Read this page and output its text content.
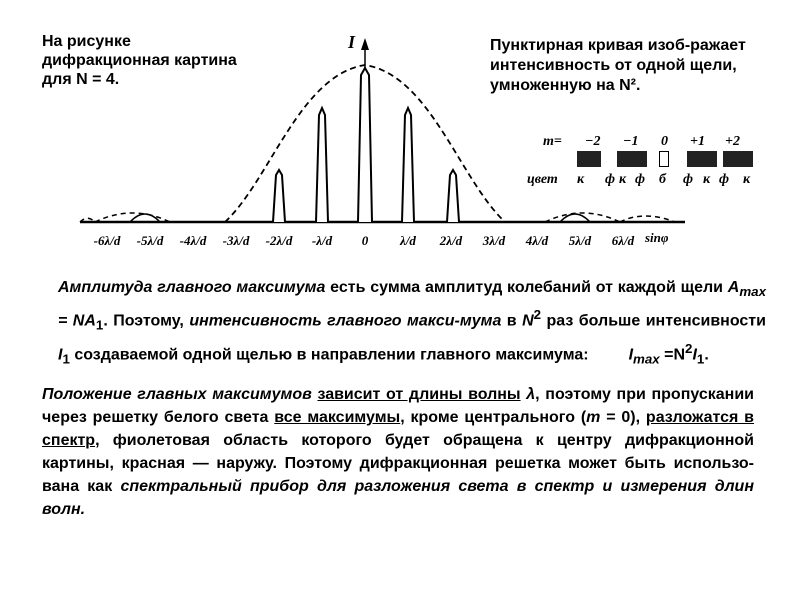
На рисунке дифракционная картина для N = 4.
Пунктирная кривая изоб-ражает интенсивность от одной щели, умноженную на N².
I
-6λ/d -5λ/d -4λ/d -3λ/d -2λ/d -λ/d 0 λ/d 2λ/d 3λ/d 4λ/d 5λ/d 6λ/d sinφ
m= −2 −1 0 +1 +2
цвет к ф к ф б ф к ф к
Амплитуда главного максимума есть сумма амплитуд колебаний от каждой щели $A_{max} = NA_1$. Поэтому, интенсивность главного макси-мума в $N^2$ раз больше интенсивности $I_1$ создаваемой одной щелью в направлении главного максимума:	$I_{max} =N^2I_1$.
Положение главных максимумов зависит от длины волны λ, поэтому при пропускании через решетку белого света все максимумы, кроме центрального (m = 0), разложатся в спектр, фиолетовая область которого будет обращена к центру дифракционной картины, красная — наружу. Поэтому дифракционная решетка может быть использо-вана как спектральный прибор для разложения света в спектр и измерения длин волн.
